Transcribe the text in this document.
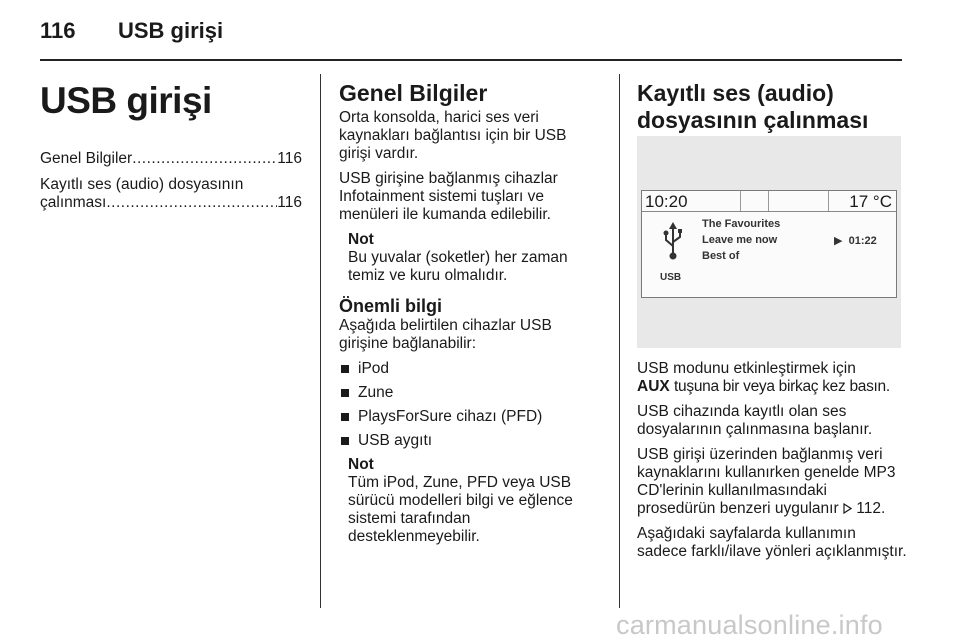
116 USB girişi
USB girişi
Genel Bilgiler .....	116
Kayıtlı ses (audio) dosyasının
çalınması .....	116
Genel Bilgiler

Orta konsolda, harici ses veri kaynakları bağlantısı için bir USB girişi vardır.

USB girişine bağlanmış cihazlar Infotainment sistemi tuşları ve menüleri ile kumanda edilebilir.

Not
Bu yuvalar (soketler) her zaman temiz ve kuru olmalıdır.
Önemli bilgi

Aşağıda belirtilen cihazlar USB girişine bağlanabilir:

iPod
Zune
PlaysForSure cihazı (PFD)
USB aygıtı
Not
Tüm iPod, Zune, PFD veya USB sürücü modelleri bilgi ve eğlence sistemi tarafından desteklenmeyebilir.
Kayıtlı ses (audio) dosyasının çalınması
10:20	17 °C
The Favourites
Leave me now
Best of
▶ 01:22
USB

USB modunu etkinleştirmek için
AUX tuşuna bir veya birkaç kez basın.

USB cihazında kayıtlı olan ses dosyalarının çalınmasına başlanır.

USB girişi üzerinden bağlanmış veri kaynaklarını kullanırken genelde MP3 CD'lerinin kullanılmasındaki prosedürün benzeri uygulanır 112.

Aşağıdaki sayfalarda kullanımın sadece farklı/ilave yönleri açıklanmıştır.

carmanualsonline.info
